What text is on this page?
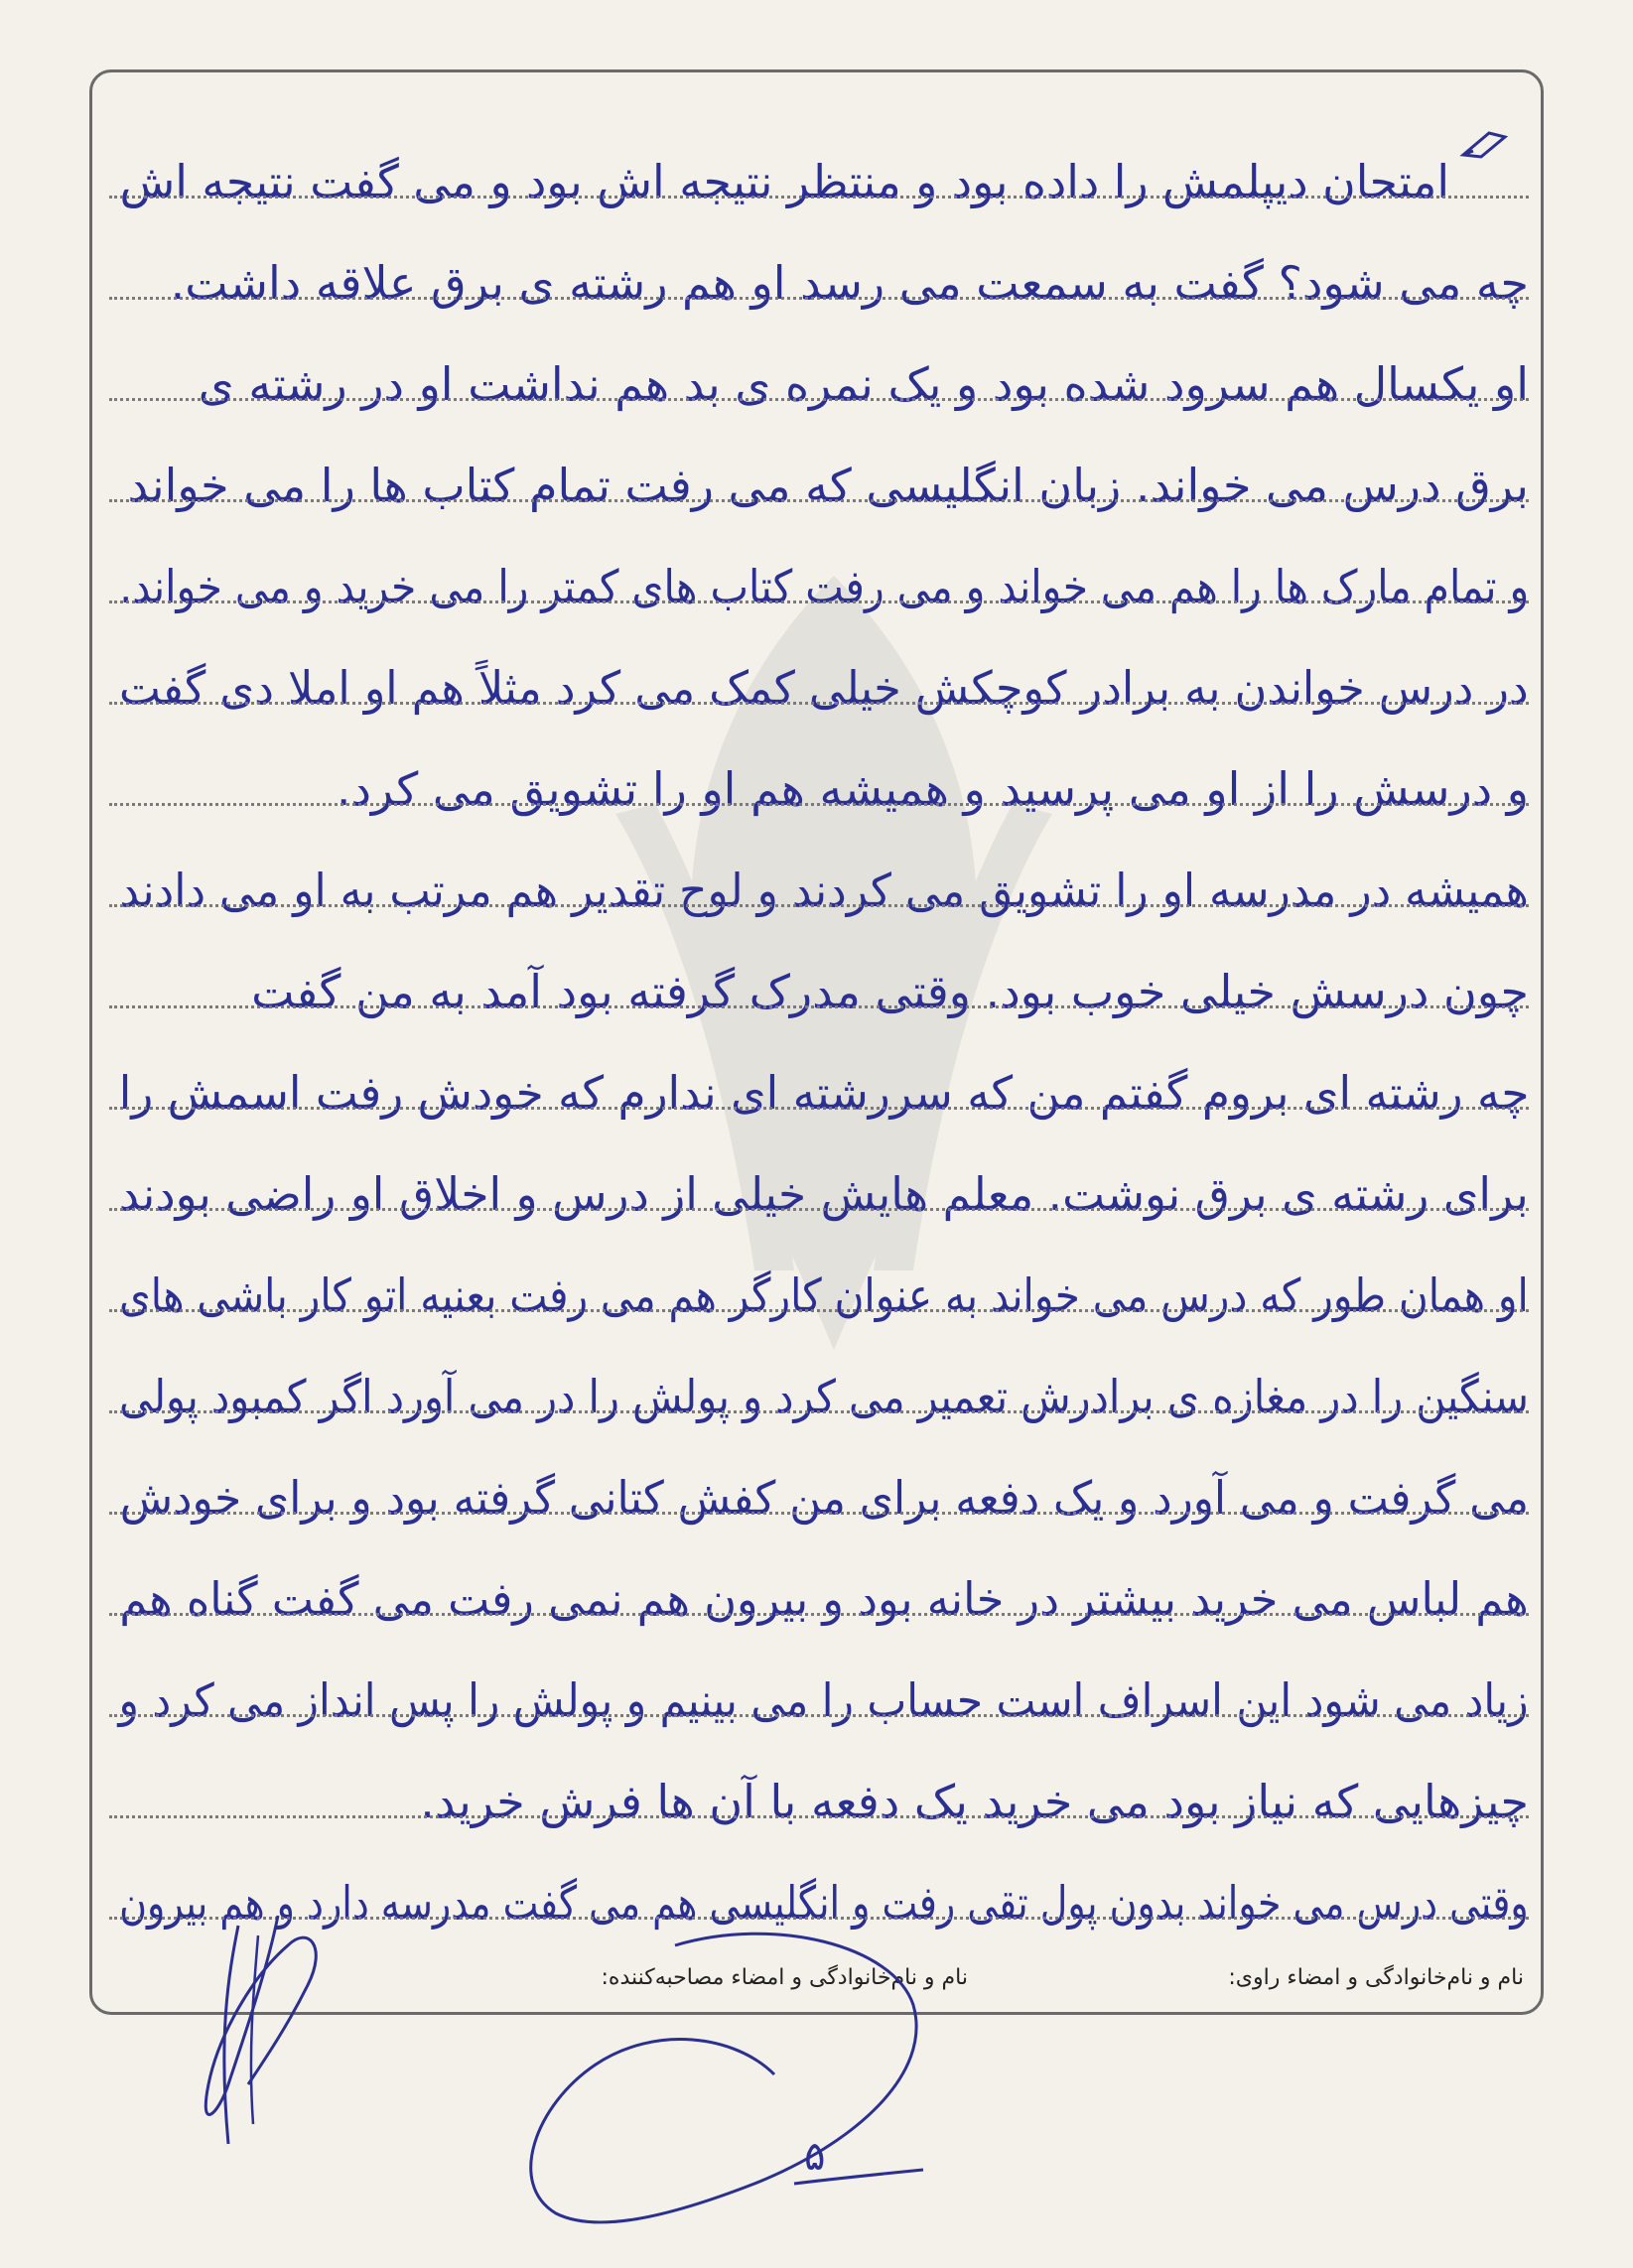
امتحان دیپلمش را داده بود و منتظر نتیجه اش بود و می گفت نتیجه اش
چه می شود؟ گفت به سمعت می رسد او هم رشته ی برق علاقه داشت.
او یکسال هم سرود شده بود و یک نمره ی بد هم نداشت او در رشته ی
برق درس می خواند. زبان انگلیسی که می رفت تمام کتاب ها را می خواند
و تمام مارک ها را هم می خواند و می رفت کتاب های کمتر را می خرید و می خواند.
در درس خواندن به برادر کوچکش خیلی کمک می کرد مثلاً هم او املا دی گفت
و درسش را از او می پرسید و همیشه هم او را تشویق می کرد.
همیشه در مدرسه او را تشویق می کردند و لوح تقدیر هم مرتب به او می دادند
چون درسش خیلی خوب بود. وقتی مدرک گرفته بود آمد به من گفت
چه رشته ای بروم گفتم من که سررشته ای ندارم که خودش رفت اسمش را
برای رشته ی برق نوشت. معلم هایش خیلی از درس و اخلاق او راضی بودند
او همان طور که درس می خواند به عنوان کارگر هم می رفت بعنیه اتو کار باشی های
سنگین را در مغازه ی برادرش تعمیر می کرد و پولش را در می آورد اگر کمبود پولی
می گرفت و می آورد و یک دفعه برای من کفش کتانی گرفته بود و برای خودش
هم لباس می خرید بیشتر در خانه بود و بیرون هم نمی رفت می گفت گناه هم
زیاد می شود این اسراف است حساب را می بینیم و پولش را پس انداز می کرد و
چیزهایی که نیاز بود می خرید یک دفعه با آن ها فرش خرید.
وقتی درس می خواند بدون پول تقی رفت و انگلیسی هم می گفت مدرسه دارد و هم بیرون
نام و نام‌خانوادگی و امضاء راوی:
نام و نام‌خانوادگی و امضاء مصاحبه‌کننده:
۵
